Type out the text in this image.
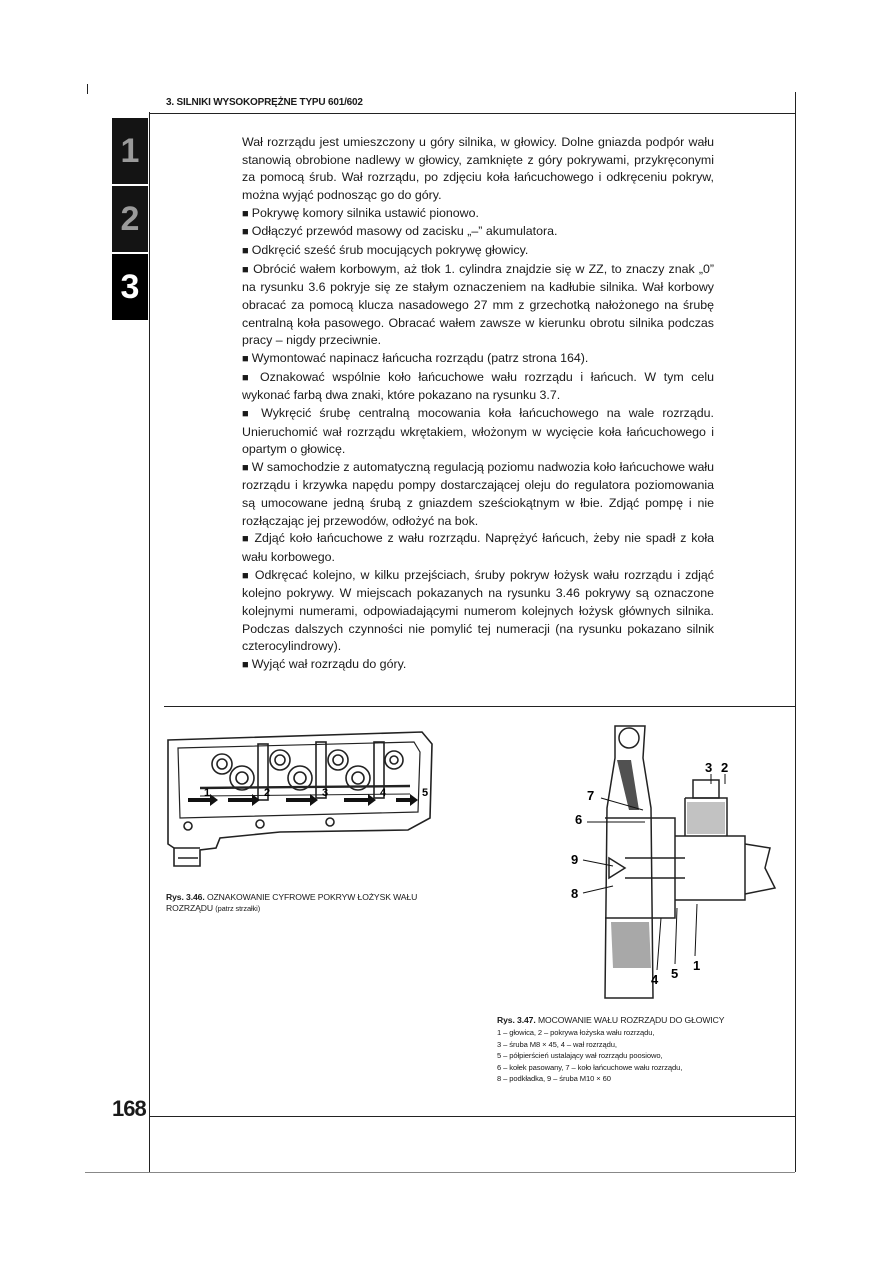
3. SILNIKI WYSOKOPRĘŻNE TYPU 601/602
1
2
3

Wał rozrządu jest umieszczony u góry silnika, w głowicy. Dolne gniazda podpór wału stanowią obrobione nadlewy w głowicy, zamknięte z góry pokrywami, przykręconymi za pomocą śrub. Wał rozrządu, po zdjęciu koła łańcuchowego i odkręceniu pokryw, można wyjąć podnosząc go do góry.

■ Pokrywę komory silnika ustawić pionowo.

■ Odłączyć przewód masowy od zacisku „–” akumulatora.

■ Odkręcić sześć śrub mocujących pokrywę głowicy.

■ Obrócić wałem korbowym, aż tłok 1. cylindra znajdzie się w ZZ, to znaczy znak „0” na rysunku 3.6 pokryje się ze stałym oznaczeniem na kadłubie silnika. Wał korbowy obracać za pomocą klucza nasadowego 27 mm z grzechotką nałożonego na śrubę centralną koła pasowego. Obracać wałem zawsze w kierunku obrotu silnika podczas pracy – nigdy przeciwnie.

■ Wymontować napinacz łańcucha rozrządu (patrz strona 164).

■ Oznakować wspólnie koło łańcuchowe wału rozrządu i łańcuch. W tym celu wykonać farbą dwa znaki, które pokazano na rysunku 3.7.

■ Wykręcić śrubę centralną mocowania koła łańcuchowego na wale rozrządu. Unieruchomić wał rozrządu wkrętakiem, włożonym w wycięcie koła łańcuchowego i opartym o głowicę.

■ W samochodzie z automatyczną regulacją poziomu nadwozia koło łańcuchowe wału rozrządu i krzywka napędu pompy dostarczającej oleju do regulatora poziomowania są umocowane jedną śrubą z gniazdem sześciokątnym w łbie. Zdjąć pompę i nie rozłączając jej przewodów, odłożyć na bok.

■ Zdjąć koło łańcuchowe z wału rozrządu. Naprężyć łańcuch, żeby nie spadł z koła wału korbowego.

■ Odkręcać kolejno, w kilku przejściach, śruby pokryw łożysk wału rozrządu i zdjąć kolejno pokrywy. W miejscach pokazanych na rysunku 3.46 pokrywy są oznaczone kolejnymi numerami, odpowiadającymi numerom kolejnych łożysk głównych silnika. Podczas dalszych czynności nie pomylić tej numeracji (na rysunku pokazano silnik czterocylindrowy).

■ Wyjąć wał rozrządu do góry.

1	2	3	4	5
Rys. 3.46. OZNAKOWANIE CYFROWE POKRYW ŁOŻYSK WAŁU ROZRZĄDU (patrz strzałki)
3 2
7
6
9
8
4 5
1
Rys. 3.47. MOCOWANIE WAŁU ROZRZĄDU DO GŁOWICY
1 – głowica, 2 – pokrywa łożyska wału rozrządu,
3 – śruba M8 × 45, 4 – wał rozrządu,
5 – półpierścień ustalający wał rozrządu poosiowo,
6 – kołek pasowany, 7 – koło łańcuchowe wału rozrządu,
8 – podkładka, 9 – śruba M10 × 60
168
